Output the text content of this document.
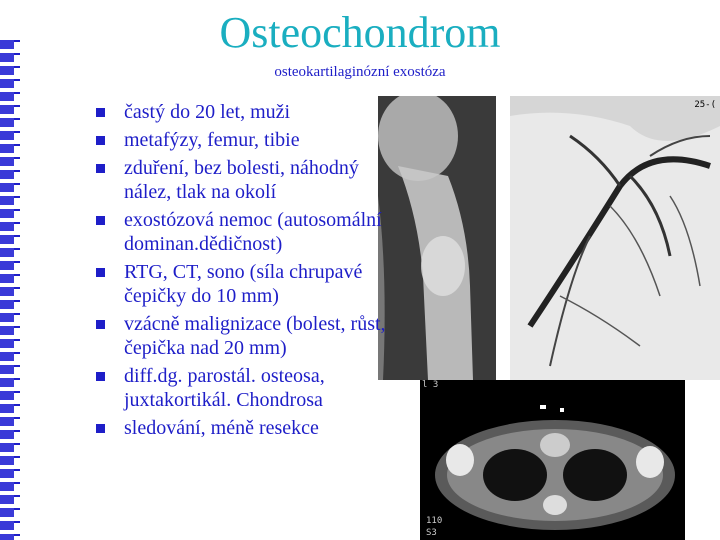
Osteochondrom
osteokartilaginózní exostóza
25-(
l 3
110
S3
častý do 20 let, muži
metafýzy, femur, tibie
zduření, bez bolesti, náhodný nález, tlak na okolí
exostózová nemoc (autosomální dominan.dědičnost)
RTG, CT, sono (síla chrupavé čepičky do 10 mm)
vzácně malignizace (bolest, růst, čepička nad 20 mm)
diff.dg. parostál. osteosa, juxtakortikál. Chondrosa
sledování, méně resekce
